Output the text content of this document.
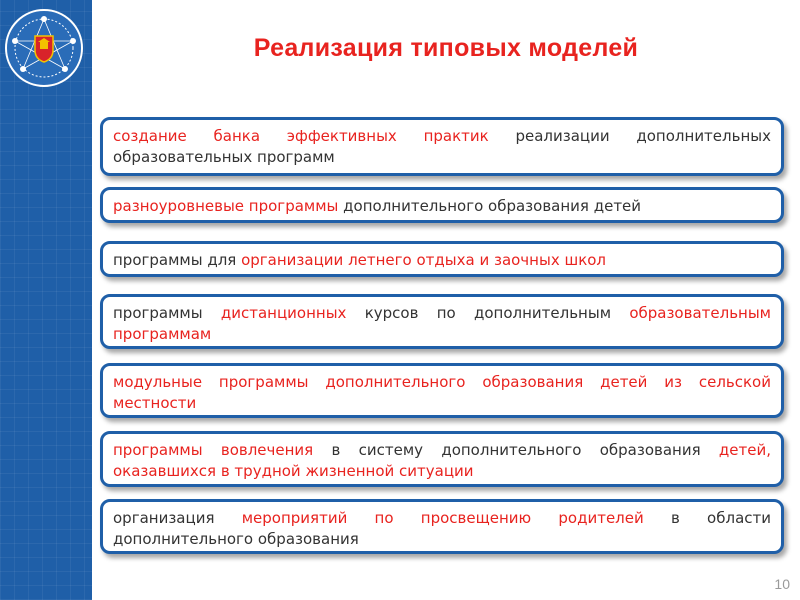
Реализация типовых моделей
создание банка эффективных практик реализации дополнительных образовательных программ
разноуровневые программы дополнительного образования детей
программы для организации летнего отдыха и заочных школ
программы дистанционных курсов по дополнительным образовательным программам
модульные программы дополнительного образования детей из сельской местности
программы вовлечения в систему дополнительного образования детей, оказавшихся в трудной жизненной ситуации
организация мероприятий по просвещению родителей в области дополнительного образования
10
